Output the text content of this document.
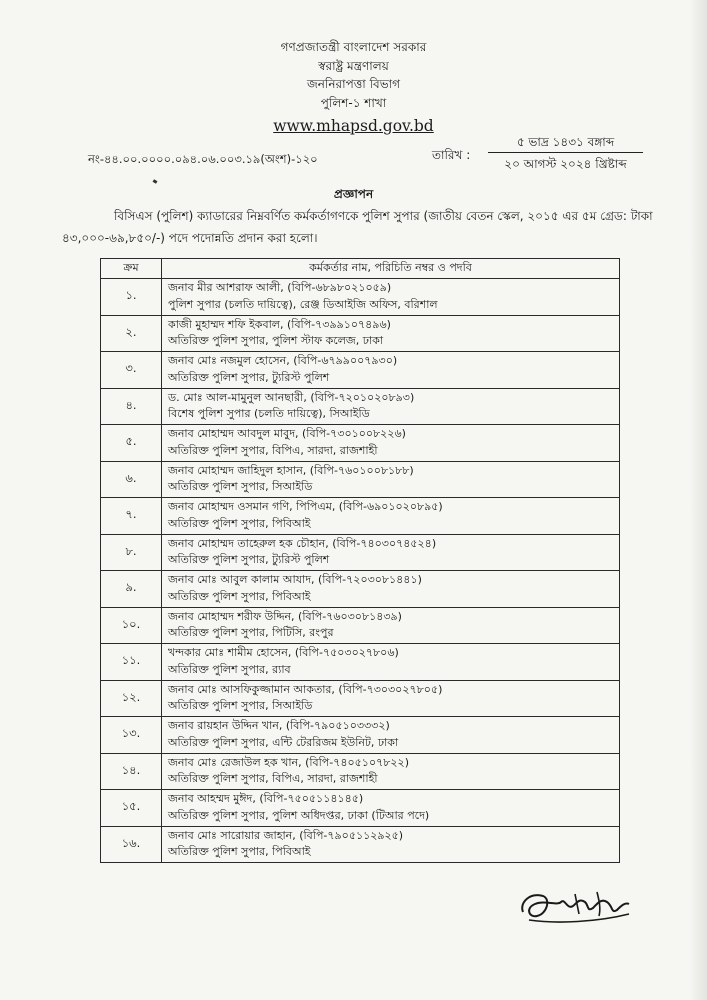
গণপ্রজাতন্ত্রী বাংলাদেশ সরকার
স্বরাষ্ট্র মন্ত্রণালয়
জননিরাপত্তা বিভাগ
পুলিশ-১ শাখা
www.mhapsd.gov.bd
নং-৪৪.০০.০০০০.০৯৪.০৬.০০৩.১৯(অংশ)-১২০	তারিখ :
৫ ভাদ্র ১৪৩১ বঙ্গাব্দ
২০ আগস্ট ২০২৪ খ্রিষ্টাব্দ
প্রজ্ঞাপন
বিসিএস (পুলিশ) ক্যাডারের নিম্নবর্ণিত কর্মকর্তাগণকে পুলিশ সুপার (জাতীয় বেতন স্কেল, ২০১৫ এর ৫ম গ্রেড: টাকা ৪৩,০০০-৬৯,৮৫০/-) পদে পদোন্নতি প্রদান করা হলো।
ক্রম	কর্মকর্তার নাম, পরিচিতি নম্বর ও পদবি
১.	জনাব মীর আশরাফ আলী, (বিপি-৬৮৯৮০২১০৫৯)
পুলিশ সুপার (চলতি দায়িত্বে), রেঞ্জ ডিআইজি অফিস, বরিশাল

২.	কাজী মুহাম্মদ শফি ইকবাল, (বিপি-৭৩৯৯১০৭৪৯৬)
অতিরিক্ত পুলিশ সুপার, পুলিশ স্টাফ কলেজ, ঢাকা

৩.	জনাব মোঃ নজমুল হোসেন, (বিপি-৬৭৯৯০০৭৯৩০)
অতিরিক্ত পুলিশ সুপার, ট্যুরিস্ট পুলিশ

৪.	ড. মোঃ আল-মামুনুল আনছারী, (বিপি-৭২০১০২০৮৯৩)
বিশেষ পুলিশ সুপার (চলতি দায়িত্বে), সিআইডি

৫.	জনাব মোহাম্মদ আবদুল মাবুদ, (বিপি-৭৩০১০০৮২২৬)
অতিরিক্ত পুলিশ সুপার, বিপিএ, সারদা, রাজশাহী

৬.	জনাব মোহাম্মদ জাহিদুল হাসান, (বিপি-৭৬০১০০৮১৮৮)
অতিরিক্ত পুলিশ সুপার, সিআইডি

৭.	জনাব মোহাম্মদ ওসমান গণি, পিপিএম, (বিপি-৬৯০১০২০৮৯৫)
অতিরিক্ত পুলিশ সুপার, পিবিআই

৮.	জনাব মোহাম্মদ তাহেরুল হক চৌহান, (বিপি-৭৪০৩০৭৪৫২৪)
অতিরিক্ত পুলিশ সুপার, ট্যুরিস্ট পুলিশ

৯.	জনাব মোঃ আবুল কালাম আযাদ, (বিপি-৭২০৩০৮১৪৪১)
অতিরিক্ত পুলিশ সুপার, পিবিআই

১০.	জনাব মোহাম্মদ শরীফ উদ্দিন, (বিপি-৭৬০৩০৮১৪৩৯)
অতিরিক্ত পুলিশ সুপার, পিটিসি, রংপুর

১১.	খন্দকার মোঃ শামীম হোসেন, (বিপি-৭৫০৩০২৭৮০৬)
অতিরিক্ত পুলিশ সুপার, র‍্যাব

১২.	জনাব মোঃ আসফিকুজ্জামান আকতার, (বিপি-৭৩০৩০২৭৮০৫)
অতিরিক্ত পুলিশ সুপার, সিআইডি

১৩.	জনাব রায়হান উদ্দিন খান, (বিপি-৭৯০৫১০৩৩৩২)
অতিরিক্ত পুলিশ সুপার, এন্টি টেররিজম ইউনিট, ঢাকা

১৪.	জনাব মোঃ রেজাউল হক খান, (বিপি-৭৪০৫১০৭৮২২)
অতিরিক্ত পুলিশ সুপার, বিপিএ, সারদা, রাজশাহী

১৫.	জনাব আহম্মদ মুঈদ, (বিপি-৭৫০৫১১৪১৪৫)
অতিরিক্ত পুলিশ সুপার, পুলিশ অধিদপ্তর, ঢাকা (টিআর পদে)

১৬.	জনাব মোঃ সারোয়ার জাহান, (বিপি-৭৯০৫১১২৯২৫)
অতিরিক্ত পুলিশ সুপার, পিবিআই
